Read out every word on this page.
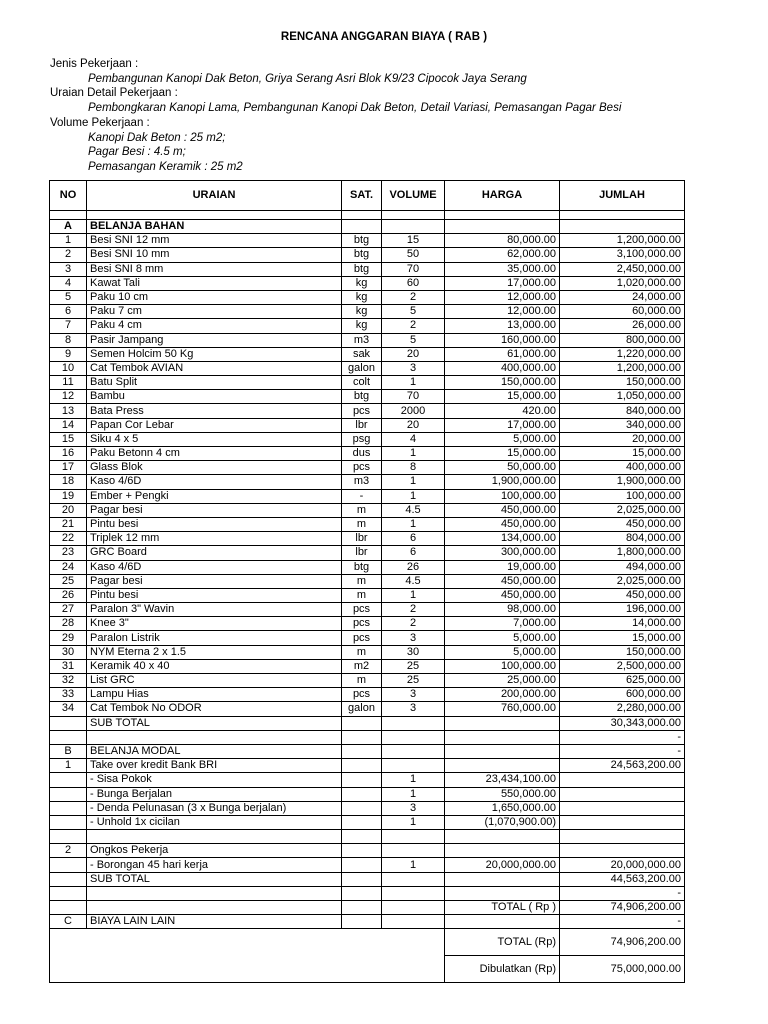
RENCANA ANGGARAN BIAYA ( RAB )

Jenis Pekerjaan :

Pembangunan Kanopi Dak Beton, Griya Serang Asri Blok K9/23 Cipocok Jaya Serang

Uraian Detail Pekerjaan :

Pembongkaran Kanopi Lama, Pembangunan Kanopi Dak Beton, Detail Variasi, Pemasangan Pagar Besi

Volume Pekerjaan :

Kanopi Dak Beton : 25 m2;

Pagar Besi : 4.5 m;

Pemasangan Keramik : 25 m2

NO	URAIAN	SAT.	VOLUME	HARGA	JUMLAH

A	BELANJA BAHAN				
1	Besi SNI 12 mm	btg	15	80,000.00	1,200,000.00
2	Besi SNI 10 mm	btg	50	62,000.00	3,100,000.00
3	Besi SNI 8 mm	btg	70	35,000.00	2,450,000.00
4	Kawat Tali	kg	60	17,000.00	1,020,000.00
5	Paku 10 cm	kg	2	12,000.00	24,000.00
6	Paku 7 cm	kg	5	12,000.00	60,000.00
7	Paku 4 cm	kg	2	13,000.00	26,000.00
8	Pasir Jampang	m3	5	160,000.00	800,000.00
9	Semen Holcim 50 Kg	sak	20	61,000.00	1,220,000.00
10	Cat Tembok AVIAN	galon	3	400,000.00	1,200,000.00
11	Batu Split	colt	1	150,000.00	150,000.00
12	Bambu	btg	70	15,000.00	1,050,000.00
13	Bata Press	pcs	2000	420.00	840,000.00
14	Papan Cor Lebar	lbr	20	17,000.00	340,000.00
15	Siku 4 x 5	psg	4	5,000.00	20,000.00
16	Paku Betonn 4 cm	dus	1	15,000.00	15,000.00
17	Glass Blok	pcs	8	50,000.00	400,000.00
18	Kaso 4/6D	m3	1	1,900,000.00	1,900,000.00
19	Ember + Pengki	-	1	100,000.00	100,000.00
20	Pagar besi	m	4.5	450,000.00	2,025,000.00
21	Pintu besi	m	1	450,000.00	450,000.00
22	Triplek 12 mm	lbr	6	134,000.00	804,000.00
23	GRC Board	lbr	6	300,000.00	1,800,000.00
24	Kaso 4/6D	btg	26	19,000.00	494,000.00
25	Pagar besi	m	4.5	450,000.00	2,025,000.00
26	Pintu besi	m	1	450,000.00	450,000.00
27	Paralon 3" Wavin	pcs	2	98,000.00	196,000.00
28	Knee 3"	pcs	2	7,000.00	14,000.00
29	Paralon Listrik	pcs	3	5,000.00	15,000.00
30	NYM Eterna 2 x 1.5	m	30	5,000.00	150,000.00
31	Keramik 40 x 40	m2	25	100,000.00	2,500,000.00
32	List GRC	m	25	25,000.00	625,000.00
33	Lampu Hias	pcs	3	200,000.00	600,000.00
34	Cat Tembok No ODOR	galon	3	760,000.00	2,280,000.00
	SUB TOTAL				30,343,000.00
					-
B	BELANJA MODAL				-
1	Take over kredit Bank BRI				24,563,200.00
	- Sisa Pokok		1	23,434,100.00	
	- Bunga Berjalan		1	550,000.00	
	- Denda Pelunasan (3 x Bunga berjalan)		3	1,650,000.00	
	- Unhold 1x cicilan		1	(1,070,900.00)	

2	Ongkos Pekerja				
	- Borongan 45 hari kerja		1	20,000,000.00	20,000,000.00
	SUB TOTAL				44,563,200.00
					-
				TOTAL ( Rp )	74,906,200.00
C	BIAYA LAIN LAIN				-
				TOTAL (Rp)	74,906,200.00
				Dibulatkan (Rp)	75,000,000.00
